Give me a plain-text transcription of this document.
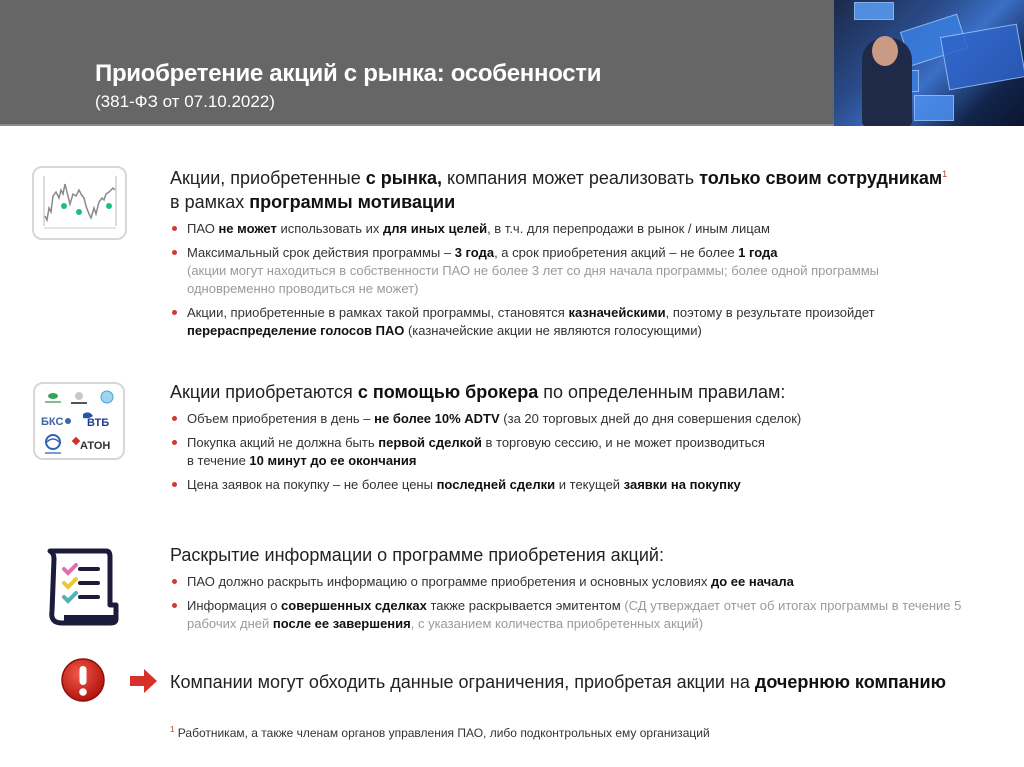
Приобретение акций с рынка: особенности
(381-ФЗ от 07.10.2022)
Акции, приобретенные с рынка, компания может реализовать только своим сотрудникам$^1$ в рамках программы мотивации
ПАО не может использовать их для иных целей, в т.ч. для перепродажи в рынок / иным лицам
Максимальный срок действия программы – 3 года, а срок приобретения акций – не более 1 года
(акции могут находиться в собственности ПАО не более 3 лет со дня начала программы; более одной программы одновременно проводиться не может)
Акции, приобретенные в рамках такой программы, становятся казначейскими, поэтому в результате произойдет перераспределение голосов ПАО (казначейские акции не являются голосующими)
БКС ВТБ
АТОН
Акции приобретаются с помощью брокера по определенным правилам:
Объем приобретения в день – не более 10% ADTV (за 20 торговых дней до дня совершения сделок)
Покупка акций не должна быть первой сделкой в торговую сессию, и не может производиться
в течение 10 минут до ее окончания
Цена заявок на покупку – не более цены последней сделки и текущей заявки на покупку
Раскрытие информации о программе приобретения акций:
ПАО должно раскрыть информацию о программе приобретения и основных условиях до ее начала
Информация о совершенных сделках также раскрывается эмитентом (СД утверждает отчет об итогах программы в течение 5 рабочих дней после ее завершения, с указанием количества приобретенных акций)
Компании могут обходить данные ограничения, приобретая акции на дочернюю компанию
$^1$ Работникам, а также членам органов управления ПАО, либо подконтрольных ему организаций
